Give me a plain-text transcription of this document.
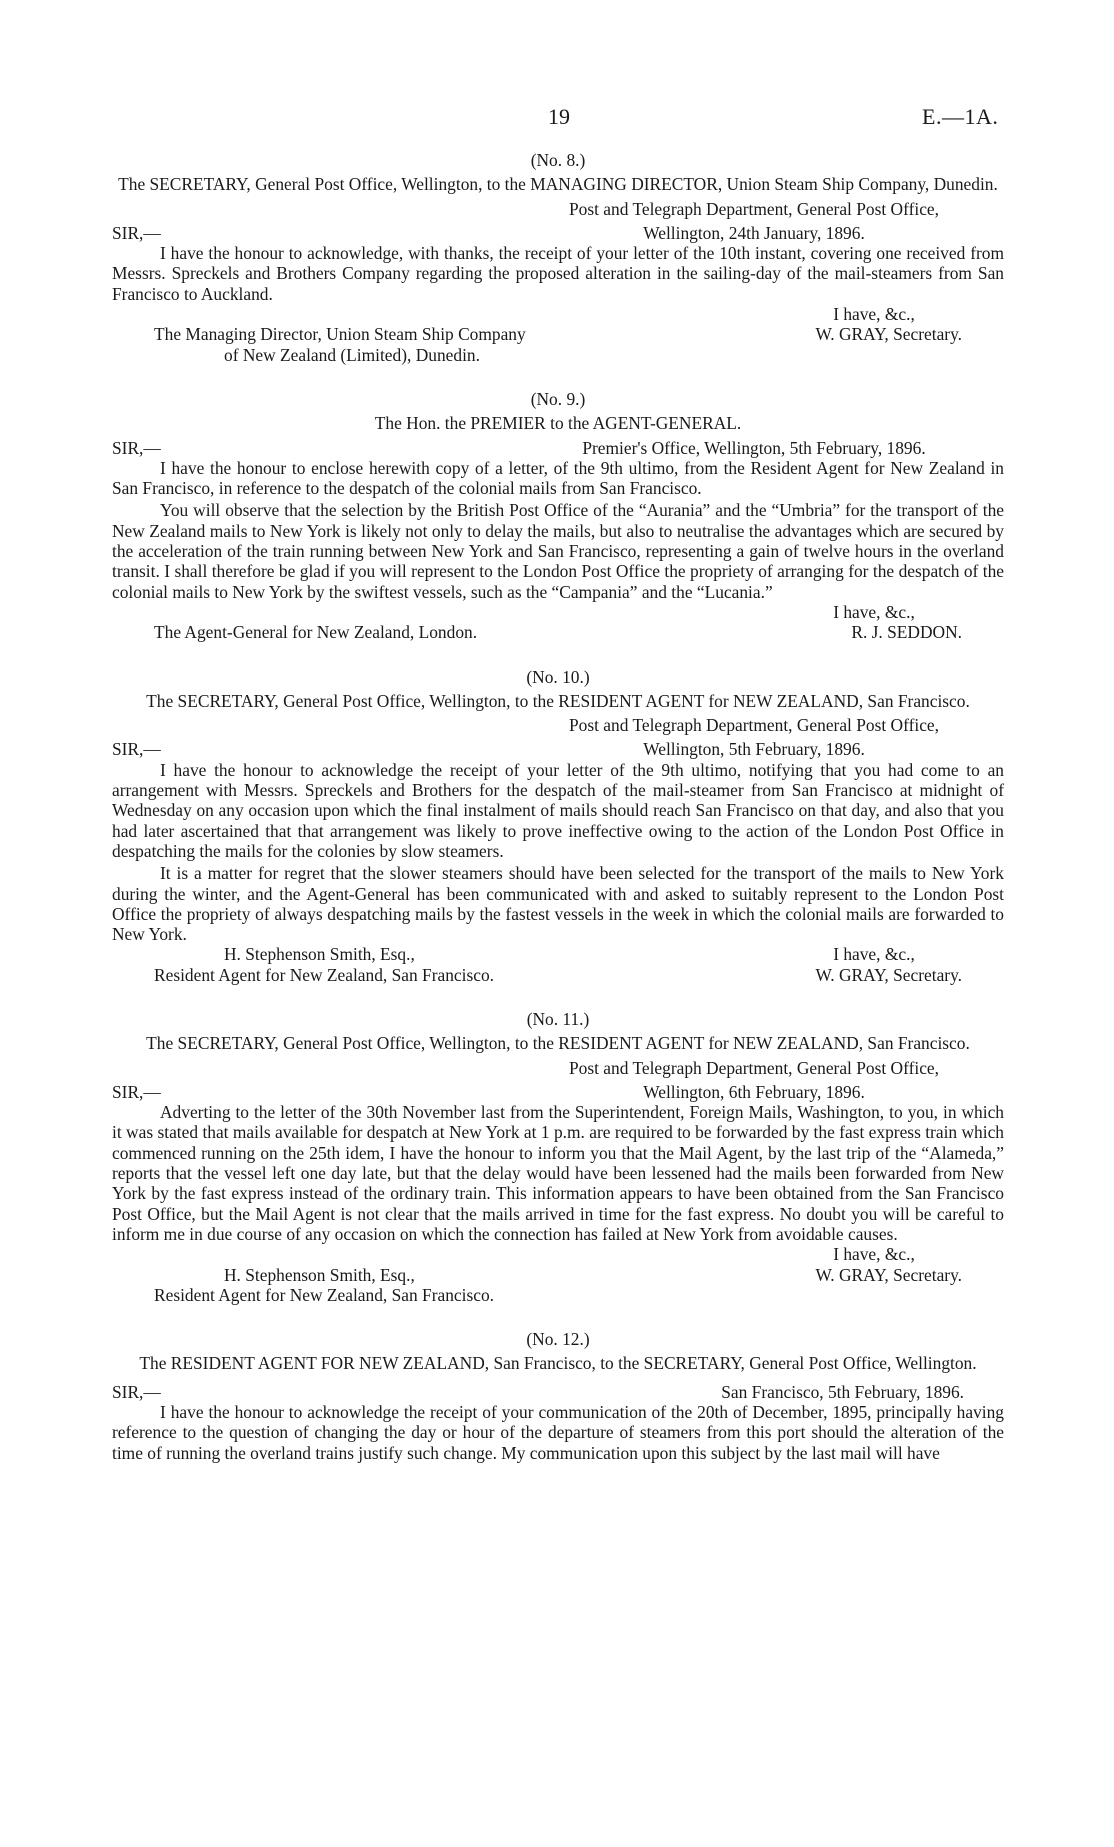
19	E.—1A.
(No. 8.)
The SECRETARY, General Post Office, Wellington, to the MANAGING DIRECTOR, Union Steam Ship Company, Dunedin.
Post and Telegraph Department, General Post Office,
SIR,—	Wellington, 24th January, 1896.

I have the honour to acknowledge, with thanks, the receipt of your letter of the 10th instant, covering one received from Messrs. Spreckels and Brothers Company regarding the proposed alteration in the sailing-day of the mail-steamers from San Francisco to Auckland.

I have, &c.,
The Managing Director, Union Steam Ship Company	W. GRAY, Secretary.
of New Zealand (Limited), Dunedin.
(No. 9.)
The Hon. the PREMIER to the AGENT-GENERAL.
SIR,—	Premier's Office, Wellington, 5th February, 1896.

I have the honour to enclose herewith copy of a letter, of the 9th ultimo, from the Resident Agent for New Zealand in San Francisco, in reference to the despatch of the colonial mails from San Francisco.

You will observe that the selection by the British Post Office of the “Aurania” and the “Umbria” for the transport of the New Zealand mails to New York is likely not only to delay the mails, but also to neutralise the advantages which are secured by the acceleration of the train running between New York and San Francisco, representing a gain of twelve hours in the overland transit. I shall therefore be glad if you will represent to the London Post Office the propriety of arranging for the despatch of the colonial mails to New York by the swiftest vessels, such as the “Campania” and the “Lucania.”

I have, &c.,
The Agent-General for New Zealand, London.	R. J. SEDDON.
(No. 10.)
The SECRETARY, General Post Office, Wellington, to the RESIDENT AGENT for NEW ZEALAND, San Francisco.
Post and Telegraph Department, General Post Office,
SIR,—	Wellington, 5th February, 1896.

I have the honour to acknowledge the receipt of your letter of the 9th ultimo, notifying that you had come to an arrangement with Messrs. Spreckels and Brothers for the despatch of the mail-steamer from San Francisco at midnight of Wednesday on any occasion upon which the final instalment of mails should reach San Francisco on that day, and also that you had later ascertained that that arrangement was likely to prove ineffective owing to the action of the London Post Office in despatching the mails for the colonies by slow steamers.

It is a matter for regret that the slower steamers should have been selected for the transport of the mails to New York during the winter, and the Agent-General has been communicated with and asked to suitably represent to the London Post Office the propriety of always despatching mails by the fastest vessels in the week in which the colonial mails are forwarded to New York.

H. Stephenson Smith, Esq.,	I have, &c.,
Resident Agent for New Zealand, San Francisco.	W. GRAY, Secretary.
(No. 11.)
The SECRETARY, General Post Office, Wellington, to the RESIDENT AGENT for NEW ZEALAND, San Francisco.
Post and Telegraph Department, General Post Office,
SIR,—	Wellington, 6th February, 1896.

Adverting to the letter of the 30th November last from the Superintendent, Foreign Mails, Washington, to you, in which it was stated that mails available for despatch at New York at 1 p.m. are required to be forwarded by the fast express train which commenced running on the 25th idem, I have the honour to inform you that the Mail Agent, by the last trip of the “Alameda,” reports that the vessel left one day late, but that the delay would have been lessened had the mails been forwarded from New York by the fast express instead of the ordinary train. This information appears to have been obtained from the San Francisco Post Office, but the Mail Agent is not clear that the mails arrived in time for the fast express. No doubt you will be careful to inform me in due course of any occasion on which the connection has failed at New York from avoidable causes.

I have, &c.,
H. Stephenson Smith, Esq.,	W. GRAY, Secretary.
Resident Agent for New Zealand, San Francisco.
(No. 12.)
The RESIDENT AGENT FOR NEW ZEALAND, San Francisco, to the SECRETARY, General Post Office, Wellington.
SIR,—	San Francisco, 5th February, 1896.

I have the honour to acknowledge the receipt of your communication of the 20th of December, 1895, principally having reference to the question of changing the day or hour of the departure of steamers from this port should the alteration of the time of running the overland trains justify such change. My communication upon this subject by the last mail will have
